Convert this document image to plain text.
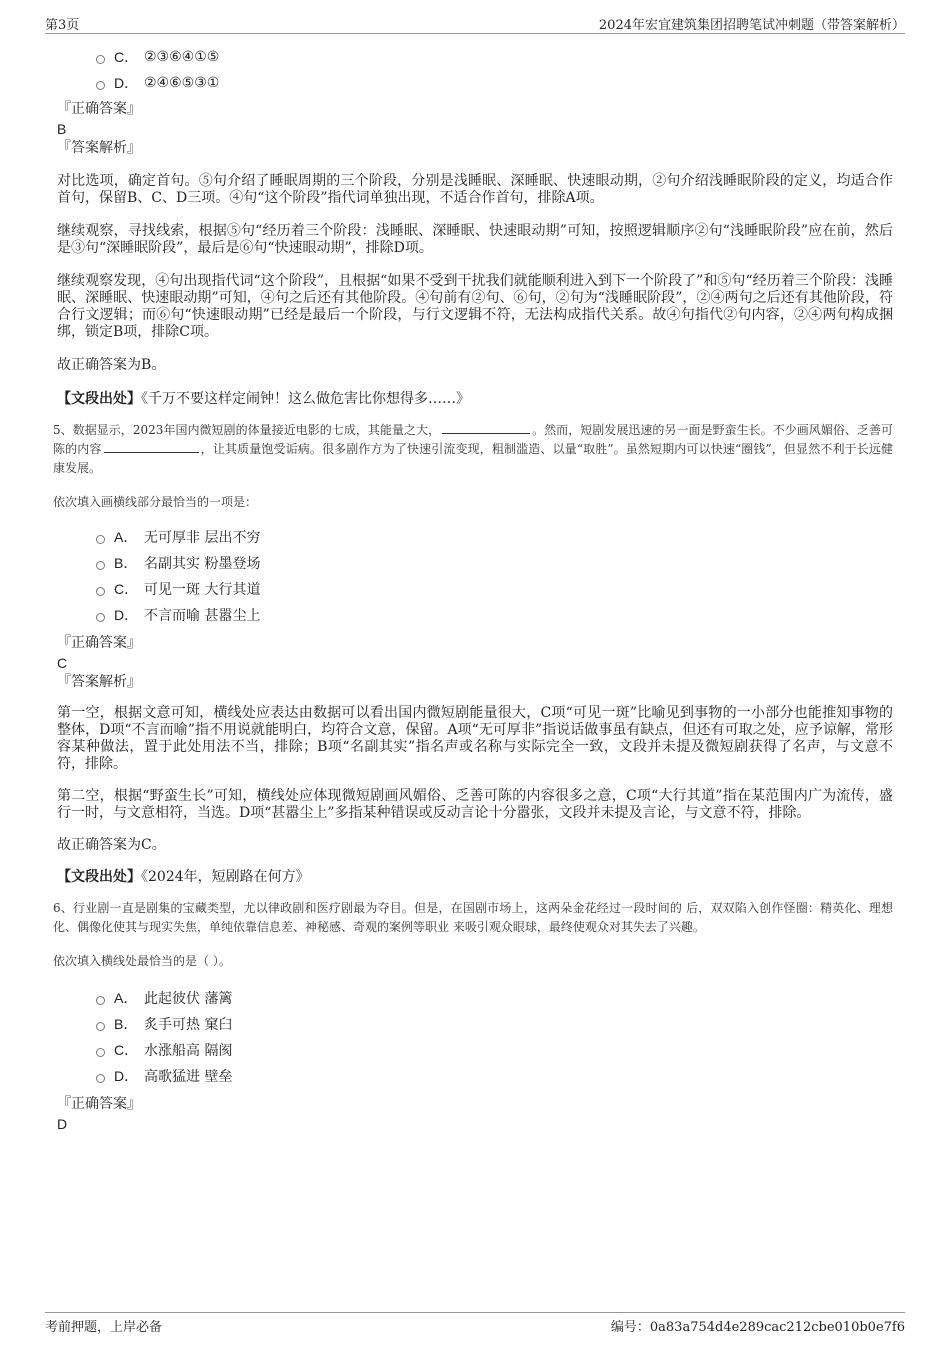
第3页	2024年宏宜建筑集团招聘笔试冲刺题（带答案解析）
C． ②③⑥④①⑤
D． ②④⑥⑤③①
『正确答案』
B
『答案解析』

对比选项，确定首句。⑤句介绍了睡眠周期的三个阶段，分别是浅睡眠、深睡眠、快速眼动期，②句介绍浅睡眠阶段的定义，均适合作首句，保留B、C、D三项。④句“这个阶段”指代词单独出现，不适合作首句，排除A项。

继续观察，寻找线索，根据⑤句“经历着三个阶段：浅睡眠、深睡眠、快速眼动期”可知，按照逻辑顺序②句“浅睡眠阶段”应在前，然后是③句“深睡眠阶段”，最后是⑥句“快速眼动期”，排除D项。

继续观察发现，④句出现指代词“这个阶段”，且根据“如果不受到干扰我们就能顺利进入到下一个阶段了”和⑤句“经历着三个阶段：浅睡眠、深睡眠、快速眼动期”可知，④句之后还有其他阶段。④句前有②句、⑥句，②句为“浅睡眠阶段”，②④两句之后还有其他阶段，符合行文逻辑；而⑥句“快速眼动期”已经是最后一个阶段，与行文逻辑不符，无法构成指代关系。故④句指代②句内容，②④两句构成捆绑，锁定B项，排除C项。

故正确答案为B。

【文段出处】《千万不要这样定闹钟！这么做危害比你想得多……》

5、数据显示，2023年国内微短剧的体量接近电影的七成，其能量之大，	。然而，短剧发展迅速的另一面是野蛮生长。不少画风媚俗、乏善可陈的内容	，让其质量饱受诟病。很多剧作方为了快速引流变现，粗制滥造、以量“取胜”。虽然短期内可以快速“圈钱”，但显然不利于长远健康发展。

依次填入画横线部分最恰当的一项是：
A． 无可厚非 层出不穷
B． 名副其实 粉墨登场
C． 可见一斑 大行其道
D． 不言而喻 甚嚣尘上
『正确答案』
C
『答案解析』

第一空，根据文意可知，横线处应表达由数据可以看出国内微短剧能量很大，C项“可见一斑”比喻见到事物的一小部分也能推知事物的整体，D项“不言而喻”指不用说就能明白，均符合文意，保留。A项“无可厚非”指说话做事虽有缺点，但还有可取之处，应予谅解，常形容某种做法，置于此处用法不当，排除；B项“名副其实”指名声或名称与实际完全一致，文段并未提及微短剧获得了名声，与文意不符，排除。

第二空，根据“野蛮生长”可知，横线处应体现微短剧画风媚俗、乏善可陈的内容很多之意，C项“大行其道”指在某范围内广为流传，盛行一时，与文意相符，当选。D项“甚嚣尘上”多指某种错误或反动言论十分嚣张，文段并未提及言论，与文意不符，排除。

故正确答案为C。

【文段出处】《2024年，短剧路在何方》

6、行业剧一直是剧集的宝藏类型，尤以律政剧和医疗剧最为夺目。但是，在国剧市场上，这两朵金花经过一段时间的 后，双双陷入创作怪圈：精英化、理想化、偶像化使其与现实失焦，单纯依靠信息差、神秘感、奇观的案例等职业 来吸引观众眼球，最终使观众对其失去了兴趣。

依次填入横线处最恰当的是（ ）。
A． 此起彼伏 藩篱
B． 炙手可热 窠臼
C． 水涨船高 隔阂
D． 高歌猛进 壁垒
『正确答案』
D
考前押题，上岸必备	编号：0a83a754d4e289cac212cbe010b0e7f6
